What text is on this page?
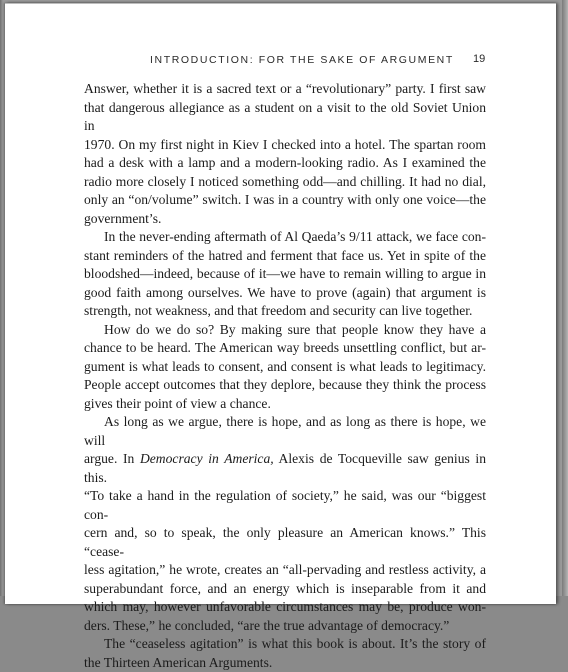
INTRODUCTION: FOR THE SAKE OF ARGUMENT 19
Answer, whether it is a sacred text or a “revolutionary” party. I first saw
that dangerous allegiance as a student on a visit to the old Soviet Union in
1970. On my first night in Kiev I checked into a hotel. The spartan room
had a desk with a lamp and a modern-looking radio. As I examined the
radio more closely I noticed something odd—and chilling. It had no dial,
only an “on/volume” switch. I was in a country with only one voice—the
government’s.
In the never-ending aftermath of Al Qaeda’s 9/11 attack, we face con-
stant reminders of the hatred and ferment that face us. Yet in spite of the
bloodshed—indeed, because of it—we have to remain willing to argue in
good faith among ourselves. We have to prove (again) that argument is
strength, not weakness, and that freedom and security can live together.
How do we do so? By making sure that people know they have a
chance to be heard. The American way breeds unsettling conflict, but ar-
gument is what leads to consent, and consent is what leads to legitimacy.
People accept outcomes that they deplore, because they think the process
gives their point of view a chance.
As long as we argue, there is hope, and as long as there is hope, we will
argue. In Democracy in America, Alexis de Tocqueville saw genius in this.
“To take a hand in the regulation of society,” he said, was our “biggest con-
cern and, so to speak, the only pleasure an American knows.” This “cease-
less agitation,” he wrote, creates an “all-pervading and restless activity, a
superabundant force, and an energy which is inseparable from it and
which may, however unfavorable circumstances may be, produce won-
ders. These,” he concluded, “are the true advantage of democracy.”
The “ceaseless agitation” is what this book is about. It’s the story of
the Thirteen American Arguments.
